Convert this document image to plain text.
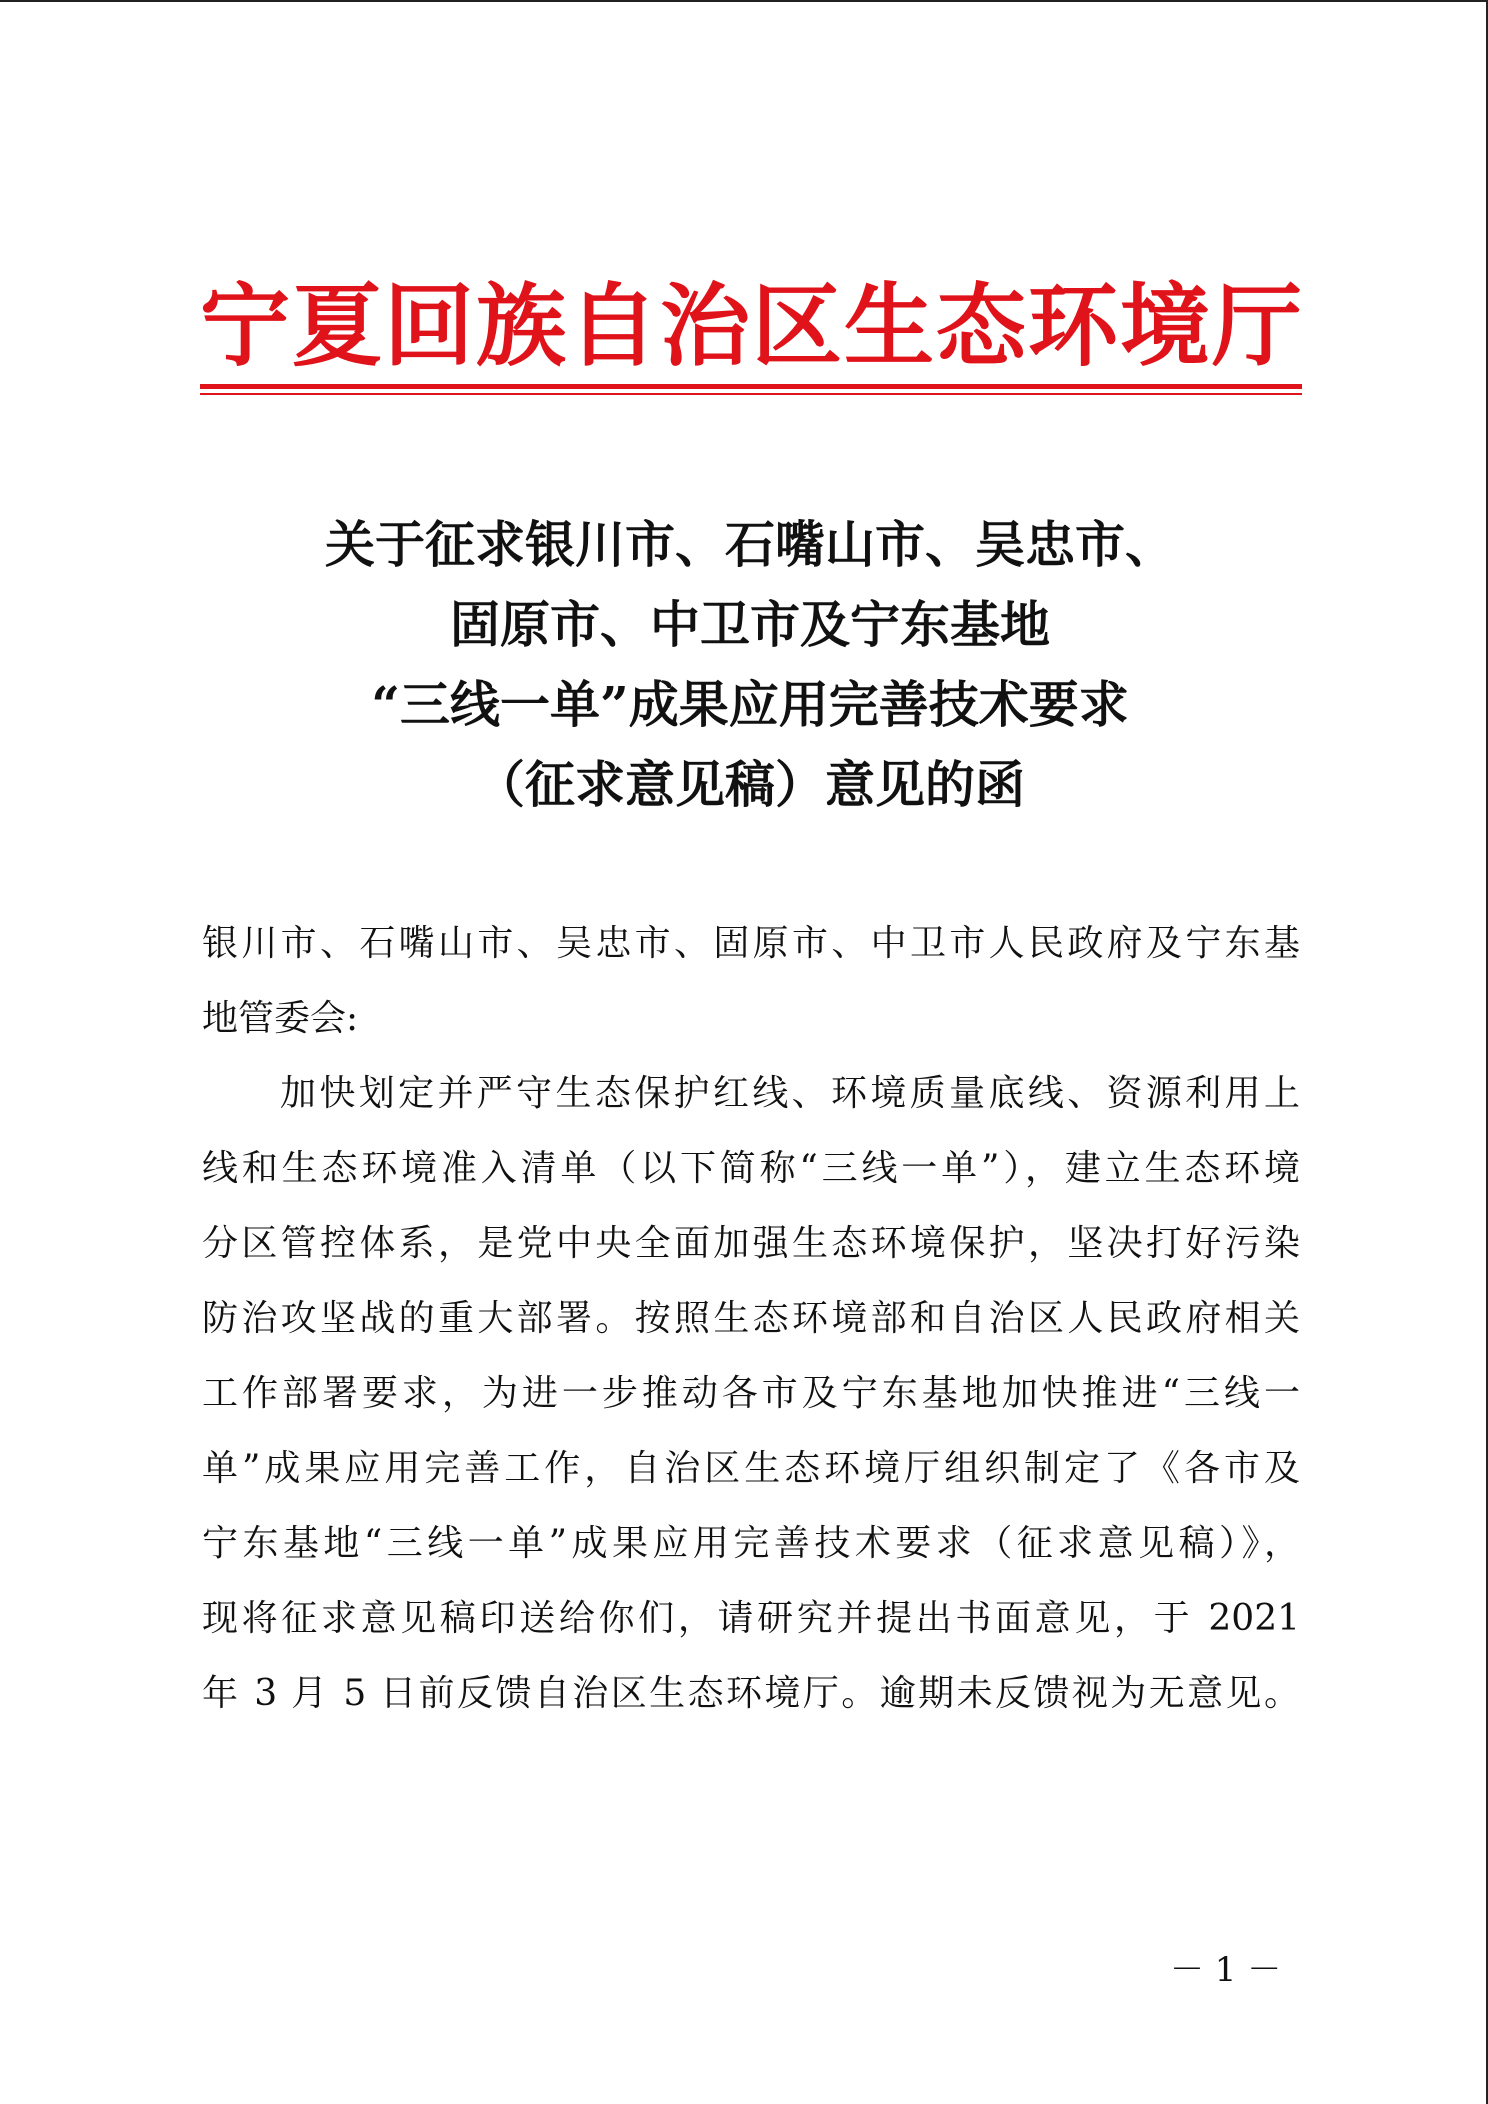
宁夏回族自治区生态环境厅
关于征求银川市、石嘴山市、吴忠市、
固原市、中卫市及宁东基地
“三线一单”成果应用完善技术要求
（征求意见稿）意见的函
银川市、石嘴山市、吴忠市、固原市、中卫市人民政府及宁东基
地管委会:
加快划定并严守生态保护红线、环境质量底线、资源利用上
线和生态环境准入清单（以下简称“三线一单”），建立生态环境
分区管控体系，是党中央全面加强生态环境保护，坚决打好污染
防治攻坚战的重大部署。按照生态环境部和自治区人民政府相关
工作部署要求，为进一步推动各市及宁东基地加快推进“三线一
单”成果应用完善工作，自治区生态环境厅组织制定了《各市及
宁东基地“三线一单”成果应用完善技术要求（征求意见稿）》，
现将征求意见稿印送给你们，请研究并提出书面意见，于 2021
年 3 月 5 日前反馈自治区生态环境厅。逾期未反馈视为无意见。
－ 1 －
